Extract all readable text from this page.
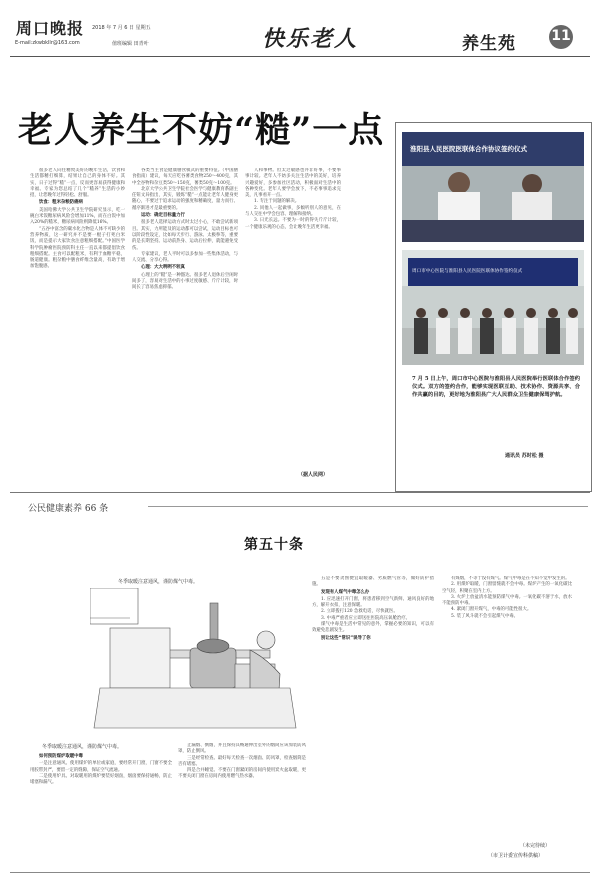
周口晚报
E-mail:zkwbkllr@163.com
2018 年 7 月 6 日 星期五
值班编辑 田青叶	快乐老人	养生苑	11
老人养生不妨“糙”一点

很多老人向往精致美好的晚年生活，饮食和生活都精打细算，结果让自己的身体不好。其实，日子过得“糙”一点，反而更容易获得健康和幸福。专家为您总结了几个“糙养”生活的小妙招，让您晚年过得轻松、舒服。

饮食：粗米杂粮防癌病

美国哈佛大学公共卫生学院研究显示，吃一碗白米饭糖尿病风险会增加11%，而在白饭中加入20%的糙米，糖尿病风险则降低16%。

“五谷中富含的碳水化合物是人体不可缺少的营养物质，这一研究并不是要一棍子打死白米饭，而是提示大家饮食注意粗细搭配。”中国医学科学院肿瘤医院预防科主任一直以来都提倡饮食粗细搭配。主食可以配粗米，有利于血糖平稳，肠道健康。粗杂粮中膳食纤维含量高，有助于增加饱腹感。

谷类当主食是健康膳食模式的重要特征。（中国膳食指南）建议，每天应吃谷薯类食物250～400克，其中全谷物和杂豆类50～150克，薯类50克～100克。

北京大学公共卫生学院社会医学与健康教育系副主任钮文异指出，其实，锻炼“糙”一点能让老年人健身更随心，不要过于追求运动的强度和精确度，量力而行、循序渐进才是最重要的。

运动：确定目标量力行

很多老人选择运动方式时太过小心，不敢尝试新项目。其实，力所能及的运动都可以尝试，运动目标也可以阶段性设定，比如每天步行、游泳、太极拳等，重要的是长期坚持。运动前热身、运动后拉伸，就能避免受伤。

专家建议，老人平时可以多参加一些集体活动，与人交流、分享心得。

心理：大大咧咧不较真

心理上的“糙”是一种豁达。很多老人退休后空闲时间多了，容易对生活中的小事过度敏感、斤斤计较，时间长了容易焦虑抑郁。

人和事物。但太过敏感也并非好事，不要事事计较。老年人不妨多关注生活中的美好，培养兴趣爱好，多参加社区活动，积极面对生活中的各种变化。老年人要学会放下，不必事事追求完美，凡事看开一点。

1. 专注于问题的解决。

2. 同他人一起做事，多倾听别人的意见，在与人交往中学会包容、理解和接纳。

3. 日光长远。不要为一时的得失斤斤计较，一个健康乐观的心态，会让晚年生活更幸福。

（据人民网）
淮阳县人民医院医联体合作协议签约仪式
周口市中心医院与淮阳县人民医院医联体协作签约仪式
7 月 5 日上午，周口市中心医院与淮阳县人民医院举行医联体合作签约仪式。双方的签约合作，能够实现医联互助、技术协作、资源共享、合作共赢的目的，更好地为淮阳县广大人民群众卫生健康保驾护航。
通讯员 苏时松 摄
公民健康素养 66 条
第五十条
冬季取暖注意通风，谨防煤气中毒。
冬季取暖注意通风，谨防煤气中毒。
如何预防煤炉取暖中毒

一是注意通风。使用煤炉的单位或家庭，要经常开门窗，门窗不要全用胶带封严，要留一定的缝隙，保证空气流通。

二是使用炉具。对取暖用的煤炉要装好烟囱，烟囱要保持通畅，防止堵塞和漏气。

止漏烟、倒烟，并且保持其畅通伸出室外的烟筒应该加装防风罩，防止倒风。

三是经常检查。最好每天检查一次烟囱、防风罩，检查烟筒是否有堵塞。

四是合并睡觉。不要在门窗紧闭的房间内使用炭火盆取暖，更不要关闭门窗在房间内使用燃气热水器。

五是不要贪图便宜取暖器、劣质燃气管等，做好防护措施。

发现有人煤气中毒怎么办

1. 应迅速打开门窗，将患者移到空气新鲜、通风良好的地方，解开衣扣，注意保暖。

2. 立即拨打120 急救电话，尽快就医。

3. 中毒严重者应立即送往医院高压氧舱治疗。

煤气中毒是生活中常见的意外，掌握必要的知识，可以有效避免悲剧发生。

别让这些“常识”误导了你

有煤烟，不等于没有煤气。煤气中毒是在不知不觉中发生的。

2. 用煤炉取暖，门窗留缝就不会中毒。煤炉产生的一氧化碳比空气轻，积聚在室内上方。

3. 火炉上放盆清水能预防煤气中毒。一氧化碳不溶于水，放水不能预防中毒。

4. 紧闭门窗开煤气，中毒的可能性很大。

5. 装了风斗就不会引起煤气中毒。

（未完待续）
（市卫计委宣传科供稿）
